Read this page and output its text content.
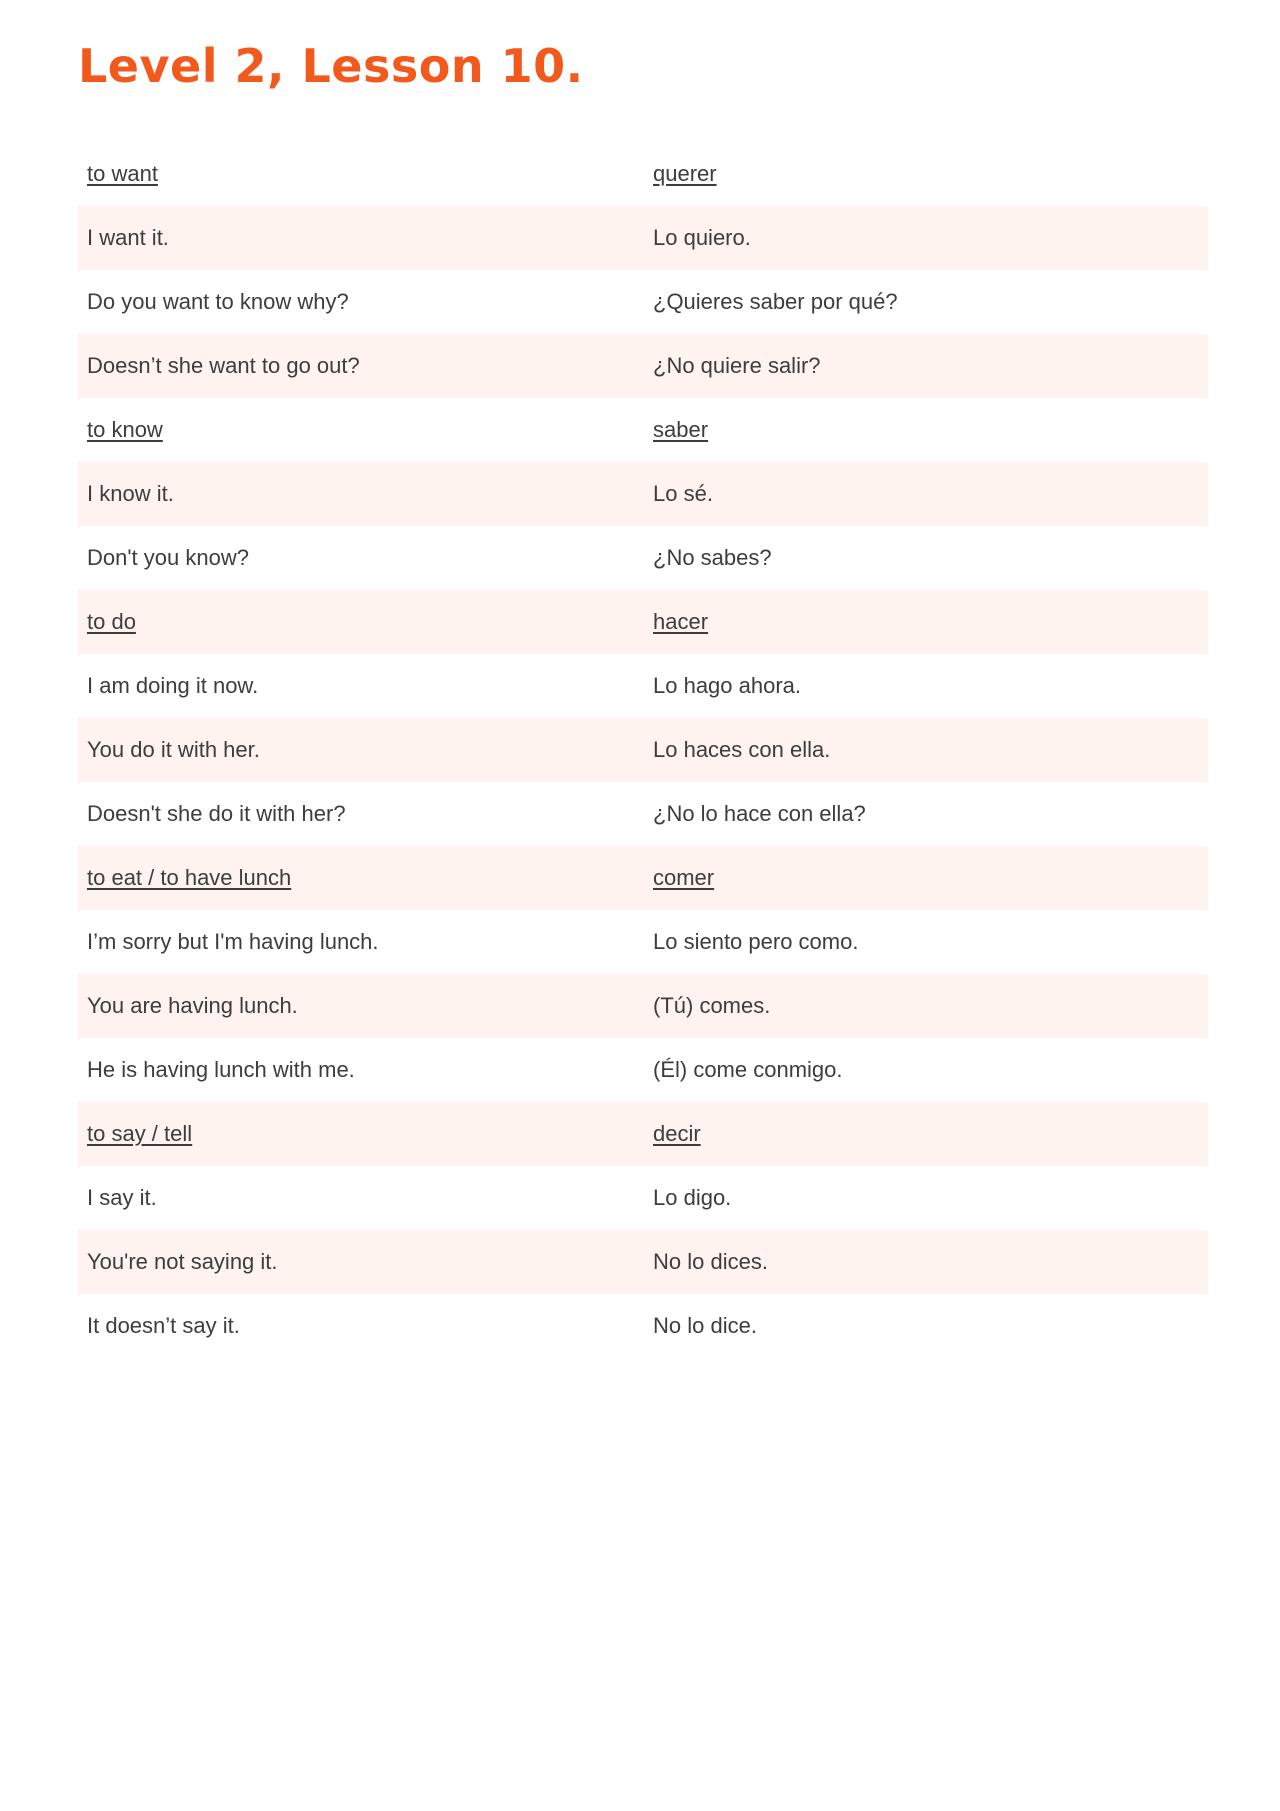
Level 2, Lesson 10.
to want	querer
I want it.	Lo quiero.
Do you want to know why?	¿Quieres saber por qué?
Doesn’t she want to go out?	¿No quiere salir?
to know	saber
I know it.	Lo sé.
Don't you know?	¿No sabes?
to do	hacer
I am doing it now.	Lo hago ahora.
You do it with her.	Lo haces con ella.
Doesn't she do it with her?	¿No lo hace con ella?
to eat / to have lunch	comer
I’m sorry but I'm having lunch.	Lo siento pero como.
You are having lunch.	(Tú) comes.
He is having lunch with me.	(Él) come conmigo.
to say / tell	decir
I say it.	Lo digo.
You're not saying it.	No lo dices.
It doesn’t say it.	No lo dice.
